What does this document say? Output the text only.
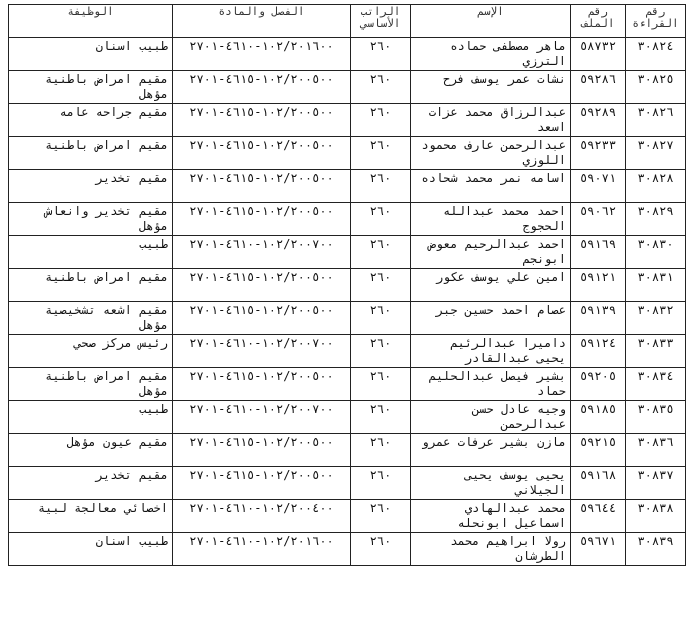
رقم القراءة	رقم الملف	الإسم	الراتب الأساسي	الفصل والمادة	الوظيفة
٣٠٨٢٤	٥٨٧٣٢	ماهر مصطفى حماده الترزي	٢٦٠	١٠٢/٢٠١٦٠٠-٤٦١٠-٢٧٠١	طبيب اسنان
٣٠٨٢٥	٥٩٢٨٦	نشات عمر يوسف فرح	٢٦٠	١٠٢/٢٠٠٥٠٠-٤٦١٥-٢٧٠١	مقيم امراض باطنية مؤهل
٣٠٨٢٦	٥٩٢٨٩	عبدالرزاق محمد عزات اسعد	٢٦٠	١٠٢/٢٠٠٥٠٠-٤٦١٥-٢٧٠١	مقيم جراحه عامه
٣٠٨٢٧	٥٩٢٣٣	عبدالرحمن عارف محمود اللوزي	٢٦٠	١٠٢/٢٠٠٥٠٠-٤٦١٥-٢٧٠١	مقيم امراض باطنية
٣٠٨٢٨	٥٩٠٧١	اسامه نمر محمد شحاده	٢٦٠	١٠٢/٢٠٠٥٠٠-٤٦١٥-٢٧٠١	مقيم تخدير
٣٠٨٢٩	٥٩٠٦٢	احمد محمد عبدالله الحجوج	٢٦٠	١٠٢/٢٠٠٥٠٠-٤٦١٥-٢٧٠١	مقيم تخدير وانعاش مؤهل
٣٠٨٣٠	٥٩١٦٩	احمد عبدالرحيم معوض ابونجم	٢٦٠	١٠٢/٢٠٠٧٠٠-٤٦١٠-٢٧٠١	طبيب
٣٠٨٣١	٥٩١٢١	امين علي يوسف عكور	٢٦٠	١٠٢/٢٠٠٥٠٠-٤٦١٥-٢٧٠١	مقيم امراض باطنية
٣٠٨٣٢	٥٩١٣٩	عصام احمد حسين جبر	٢٦٠	١٠٢/٢٠٠٥٠٠-٤٦١٥-٢٧٠١	مقيم اشعه تشخيصية مؤهل
٣٠٨٣٣	٥٩١٢٤	داميرا عبدالرئيم يحيى عبدالقادر	٢٦٠	١٠٢/٢٠٠٧٠٠-٤٦١٠-٢٧٠١	رئيس مركز صحي
٣٠٨٣٤	٥٩٢٠٥	بشير فيصل عبدالحليم حماد	٢٦٠	١٠٢/٢٠٠٥٠٠-٤٦١٥-٢٧٠١	مقيم امراض باطنية مؤهل
٣٠٨٣٥	٥٩١٨٥	وجيه عادل حسن عبدالرحمن	٢٦٠	١٠٢/٢٠٠٧٠٠-٤٦١٠-٢٧٠١	طبيب
٣٠٨٣٦	٥٩٢١٥	مازن بشير عرفات عمرو	٢٦٠	١٠٢/٢٠٠٥٠٠-٤٦١٥-٢٧٠١	مقيم عيون مؤهل
٣٠٨٣٧	٥٩١٦٨	يحيى يوسف يحيى الجيلاني	٢٦٠	١٠٢/٢٠٠٥٠٠-٤٦١٥-٢٧٠١	مقيم تخدير
٣٠٨٣٨	٥٩٦٤٤	محمد عبدالهادي اسماعيل ابونحله	٢٦٠	١٠٢/٢٠٠٤٠٠-٤٦١٠-٢٧٠١	اخصائي معالجة لبية
٣٠٨٣٩	٥٩٦٧١	رولا ابراهيم محمد الطرشان	٢٦٠	١٠٢/٢٠١٦٠٠-٤٦١٠-٢٧٠١	طبيب اسنان
